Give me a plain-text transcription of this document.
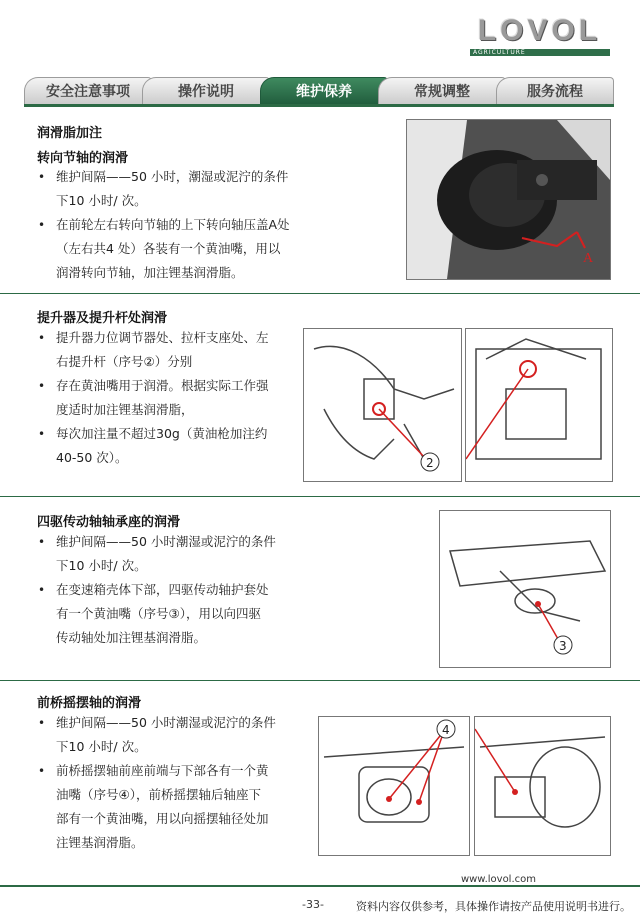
LOVOL
AGRICULTURE
安全注意事项	操作说明	维护保养	常规调整	服务流程
润滑脂加注
转向节轴的润滑
• 维护间隔——50 小时，潮湿或泥泞的条件
下10 小时/ 次。
• 在前轮左右转向节轴的上下转向轴压盖A处
（左右共4 处）各装有一个黄油嘴，用以
润滑转向节轴，加注锂基润滑脂。
A
提升器及提升杆处润滑
• 提升器力位调节器处、拉杆支座处、左
右提升杆（序号②）分别
• 存在黄油嘴用于润滑。根据实际工作强
度适时加注锂基润滑脂，
• 每次加注量不超过30g（黄油枪加注约
40-50 次）。	2
四驱传动轴轴承座的润滑
• 维护间隔——50 小时潮湿或泥泞的条件
下10 小时/ 次。
• 在变速箱壳体下部，四驱传动轴护套处
有一个黄油嘴（序号③），用以向四驱
传动轴处加注锂基润滑脂。
3
前桥摇摆轴的润滑
• 维护间隔——50 小时潮湿或泥泞的条件
下10 小时/ 次。
• 前桥摇摆轴前座前端与下部各有一个黄
油嘴（序号④），前桥摇摆轴后轴座下
部有一个黄油嘴，用以向摇摆轴径处加
注锂基润滑脂。
4
www.lovol.com
-33-	资料内容仅供参考，具体操作请按产品使用说明书进行。
